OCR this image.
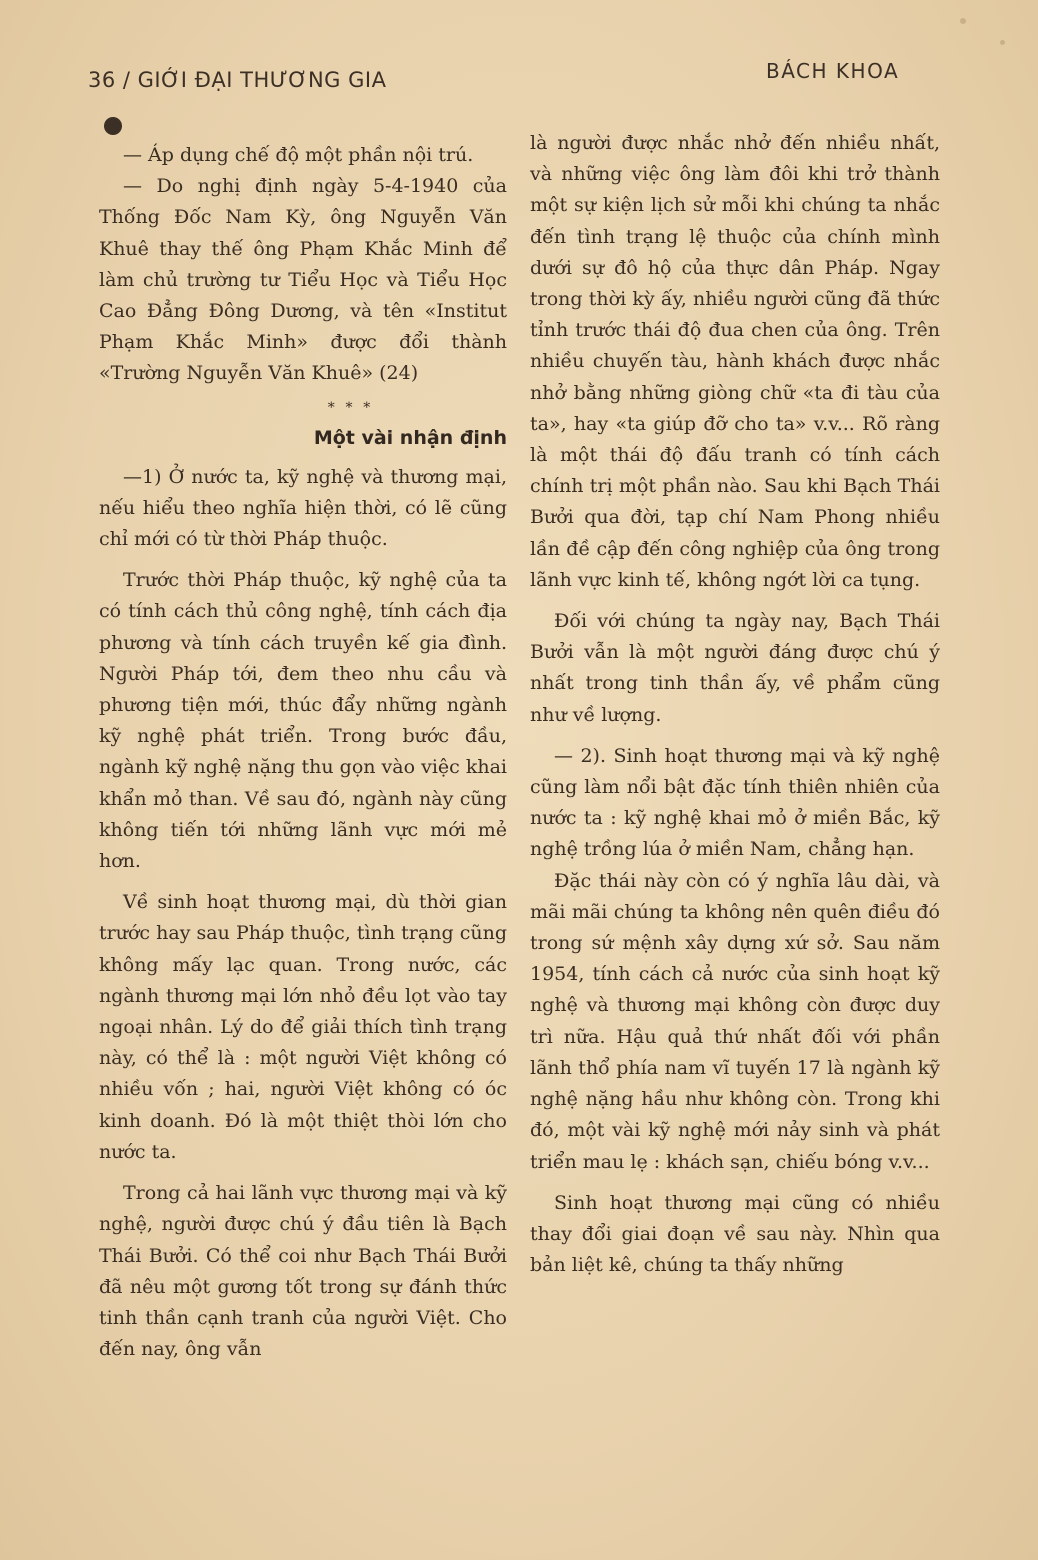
36 / GIỚI ĐẠI THƯƠNG GIA	BÁCH KHOA

— Áp dụng chế độ một phần nội trú.

— Do nghị định ngày 5-4-1940 của Thống Đốc Nam Kỳ, ông Nguyễn Văn Khuê thay thế ông Phạm Khắc Minh để làm chủ trường tư Tiểu Học và Tiểu Học Cao Đẳng Đông Dương, và tên «Institut Phạm Khắc Minh» được đổi thành «Trường Nguyễn Văn Khuê» (24)

* * *
Một vài nhận định

—1) Ở nước ta, kỹ nghệ và thương mại, nếu hiểu theo nghĩa hiện thời, có lẽ cũng chỉ mới có từ thời Pháp thuộc.

Trước thời Pháp thuộc, kỹ nghệ của ta có tính cách thủ công nghệ, tính cách địa phương và tính cách truyền kế gia đình. Người Pháp tới, đem theo nhu cầu và phương tiện mới, thúc đẩy những ngành kỹ nghệ phát triển. Trong bước đầu, ngành kỹ nghệ nặng thu gọn vào việc khai khẩn mỏ than. Về sau đó, ngành này cũng không tiến tới những lãnh vực mới mẻ hơn.

Về sinh hoạt thương mại, dù thời gian trước hay sau Pháp thuộc, tình trạng cũng không mấy lạc quan. Trong nước, các ngành thương mại lớn nhỏ đều lọt vào tay ngoại nhân. Lý do để giải thích tình trạng này, có thể là : một người Việt không có nhiều vốn ; hai, người Việt không có óc kinh doanh. Đó là một thiệt thòi lớn cho nước ta.

Trong cả hai lãnh vực thương mại và kỹ nghệ, người được chú ý đầu tiên là Bạch Thái Bưởi. Có thể coi như Bạch Thái Bưởi đã nêu một gương tốt trong sự đánh thức tinh thần cạnh tranh của người Việt. Cho đến nay, ông vẫn

là người được nhắc nhở đến nhiều nhất, và những việc ông làm đôi khi trở thành một sự kiện lịch sử mỗi khi chúng ta nhắc đến tình trạng lệ thuộc của chính mình dưới sự đô hộ của thực dân Pháp. Ngay trong thời kỳ ấy, nhiều người cũng đã thức tỉnh trước thái độ đua chen của ông. Trên nhiều chuyến tàu, hành khách được nhắc nhở bằng những giòng chữ «ta đi tàu của ta», hay «ta giúp đỡ cho ta» v.v... Rõ ràng là một thái độ đấu tranh có tính cách chính trị một phần nào. Sau khi Bạch Thái Bưởi qua đời, tạp chí Nam Phong nhiều lần đề cập đến công nghiệp của ông trong lãnh vực kinh tế, không ngớt lời ca tụng.

Đối với chúng ta ngày nay, Bạch Thái Bưởi vẫn là một người đáng được chú ý nhất trong tinh thần ấy, về phẩm cũng như về lượng.

— 2). Sinh hoạt thương mại và kỹ nghệ cũng làm nổi bật đặc tính thiên nhiên của nước ta : kỹ nghệ khai mỏ ở miền Bắc, kỹ nghệ trồng lúa ở miền Nam, chẳng hạn.

Đặc thái này còn có ý nghĩa lâu dài, và mãi mãi chúng ta không nên quên điều đó trong sứ mệnh xây dựng xứ sở. Sau năm 1954, tính cách cả nước của sinh hoạt kỹ nghệ và thương mại không còn được duy trì nữa. Hậu quả thứ nhất đối với phần lãnh thổ phía nam vĩ tuyến 17 là ngành kỹ nghệ nặng hầu như không còn. Trong khi đó, một vài kỹ nghệ mới nảy sinh và phát triển mau lẹ : khách sạn, chiếu bóng v.v...

Sinh hoạt thương mại cũng có nhiều thay đổi giai đoạn về sau này. Nhìn qua bản liệt kê, chúng ta thấy những
